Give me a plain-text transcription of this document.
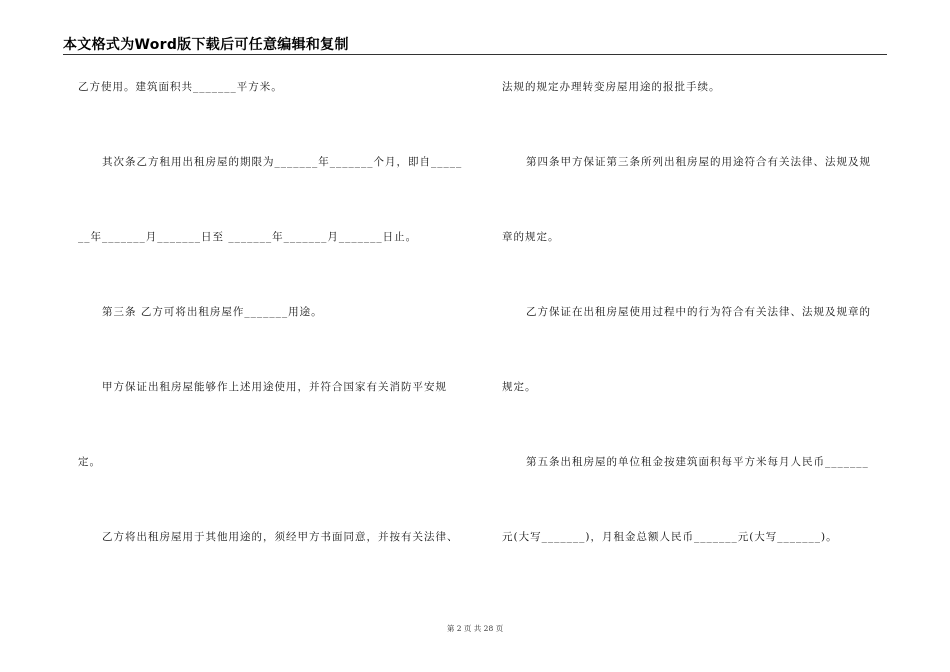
本文格式为Word版下载后可任意编辑和复制
乙方使用。建筑面积共_______平方米。
其次条乙方租用出租房屋的期限为_______年_______个月，即自_____
__年_______月_______日至 _______年_______月_______日止。
第三条 乙方可将出租房屋作_______用途。
甲方保证出租房屋能够作上述用途使用，并符合国家有关消防平安规
定。
乙方将出租房屋用于其他用途的，须经甲方书面同意，并按有关法律、
法规的规定办理转变房屋用途的报批手续。
第四条甲方保证第三条所列出租房屋的用途符合有关法律、法规及规
章的规定。
乙方保证在出租房屋使用过程中的行为符合有关法律、法规及规章的
规定。
第五条出租房屋的单位租金按建筑面积每平方米每月人民币_______
元(大写_______)，月租金总额人民币_______元(大写_______)。
第 2 页 共 28 页
